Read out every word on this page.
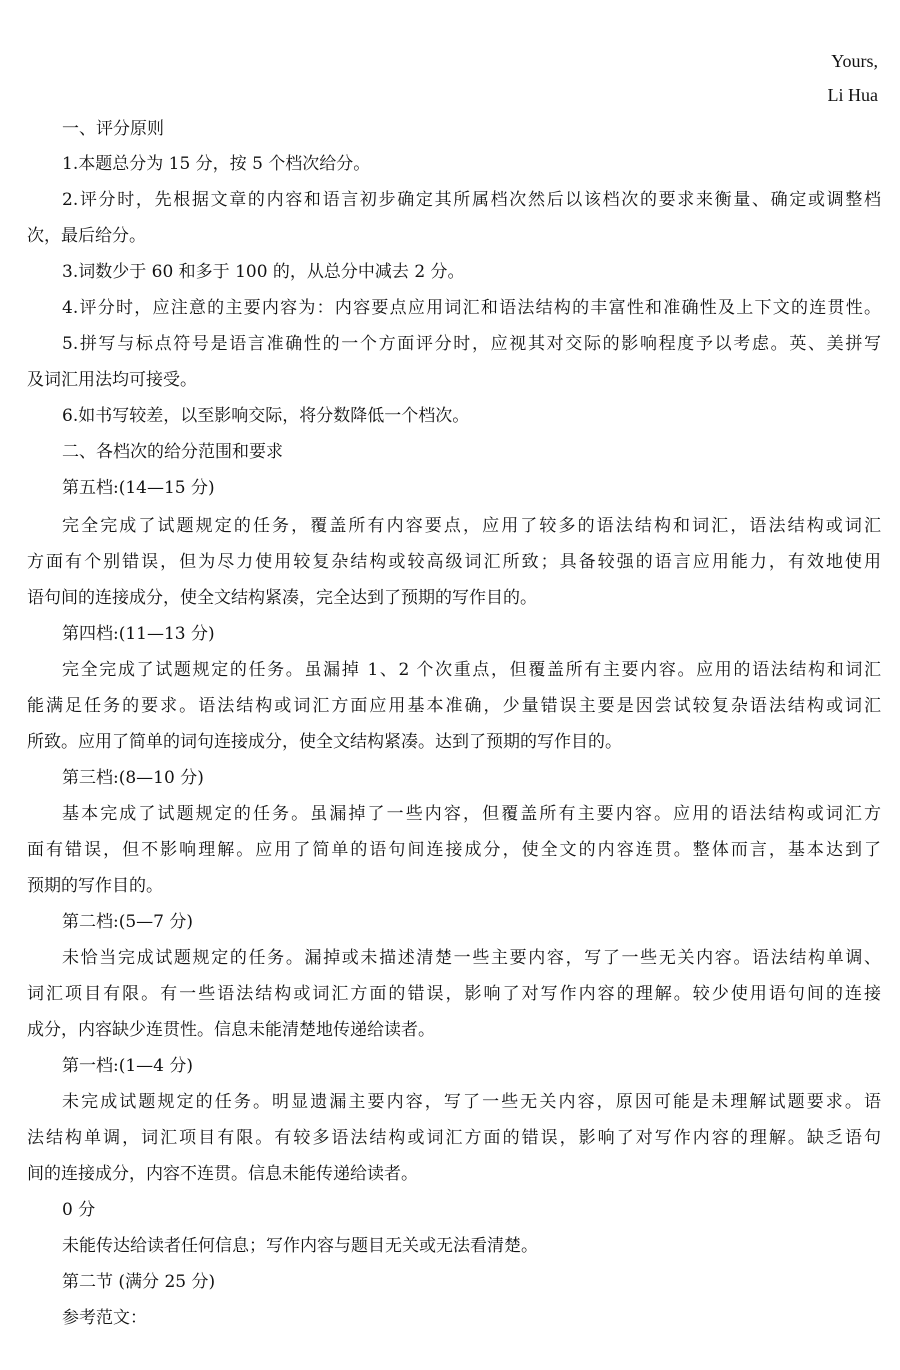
Yours,
Li Hua
一、评分原则
1.本题总分为 15 分，按 5 个档次给分。
2.评分时，先根据文章的内容和语言初步确定其所属档次然后以该档次的要求来衡量、确定或调整档
次，最后给分。
3.词数少于 60 和多于 100 的，从总分中减去 2 分。
4.评分时，应注意的主要内容为：内容要点应用词汇和语法结构的丰富性和准确性及上下文的连贯性。
5.拼写与标点符号是语言准确性的一个方面评分时，应视其对交际的影响程度予以考虑。英、美拼写
及词汇用法均可接受。
6.如书写较差，以至影响交际，将分数降低一个档次。
二、各档次的给分范围和要求
第五档:(14—15 分)
完全完成了试题规定的任务，覆盖所有内容要点，应用了较多的语法结构和词汇，语法结构或词汇
方面有个别错误，但为尽力使用较复杂结构或较高级词汇所致；具备较强的语言应用能力，有效地使用
语句间的连接成分，使全文结构紧凑，完全达到了预期的写作目的。
第四档:(11—13 分)
完全完成了试题规定的任务。虽漏掉 1、2 个次重点，但覆盖所有主要内容。应用的语法结构和词汇
能满足任务的要求。语法结构或词汇方面应用基本准确，少量错误主要是因尝试较复杂语法结构或词汇
所致。应用了简单的词句连接成分，使全文结构紧凑。达到了预期的写作目的。
第三档:(8—10 分)
基本完成了试题规定的任务。虽漏掉了一些内容，但覆盖所有主要内容。应用的语法结构或词汇方
面有错误，但不影响理解。应用了简单的语句间连接成分，使全文的内容连贯。整体而言，基本达到了
预期的写作目的。
第二档:(5—7 分)
未恰当完成试题规定的任务。漏掉或未描述清楚一些主要内容，写了一些无关内容。语法结构单调、
词汇项目有限。有一些语法结构或词汇方面的错误，影响了对写作内容的理解。较少使用语句间的连接
成分，内容缺少连贯性。信息未能清楚地传递给读者。
第一档:(1—4 分)
未完成试题规定的任务。明显遗漏主要内容，写了一些无关内容，原因可能是未理解试题要求。语
法结构单调，词汇项目有限。有较多语法结构或词汇方面的错误，影响了对写作内容的理解。缺乏语句
间的连接成分，内容不连贯。信息未能传递给读者。
0 分
未能传达给读者任何信息；写作内容与题目无关或无法看清楚。
第二节 (满分 25 分)
参考范文：
